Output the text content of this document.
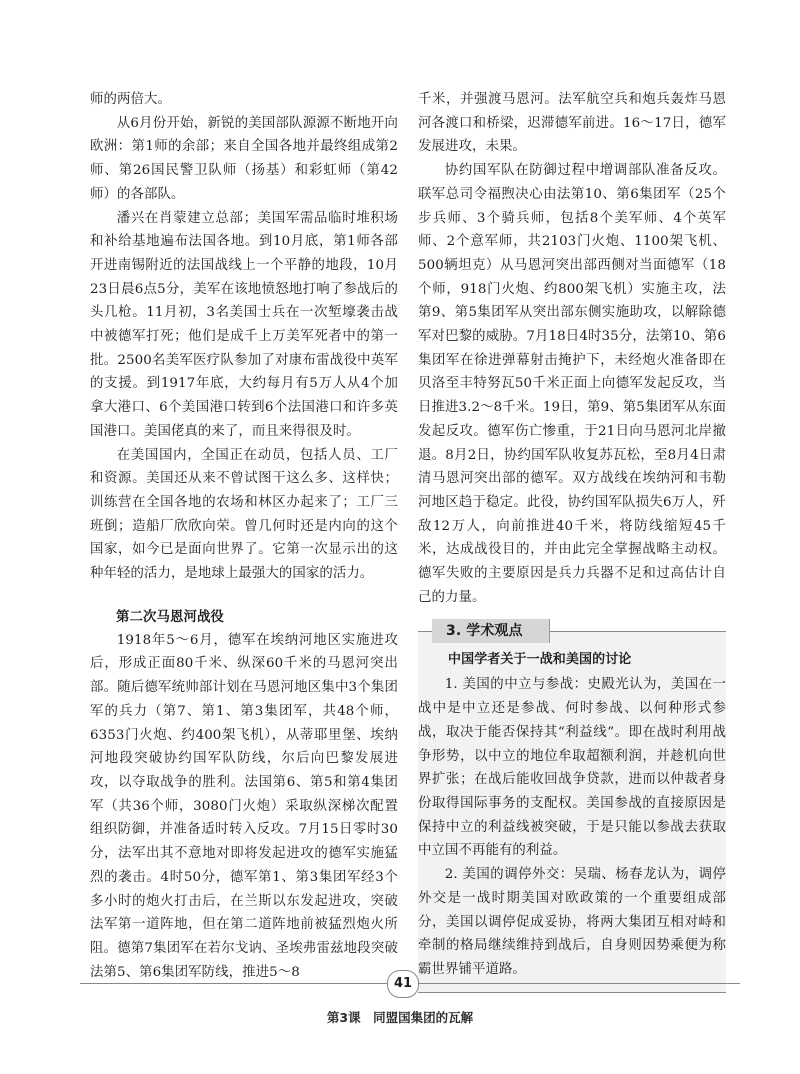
师的两倍大。

从6月份开始，新锐的美国部队源源不断地开向欧洲：第1师的余部；来自全国各地并最终组成第2师、第26国民警卫队师（扬基）和彩虹师（第42师）的各部队。

潘兴在肖蒙建立总部；美国军需品临时堆积场和补给基地遍布法国各地。到10月底，第1师各部开进南锡附近的法国战线上一个平静的地段，10月23日晨6点5分，美军在该地愤怒地打响了参战后的头几枪。11月初，3名美国士兵在一次堑壕袭击战中被德军打死；他们是成千上万美军死者中的第一批。2500名美军医疗队参加了对康布雷战役中英军的支援。到1917年底，大约每月有5万人从4个加拿大港口、6个美国港口转到6个法国港口和许多英国港口。美国佬真的来了，而且来得很及时。

在美国国内，全国正在动员，包括人员、工厂和资源。美国还从来不曾试图干这么多、这样快；训练营在全国各地的农场和林区办起来了；工厂三班倒；造船厂欣欣向荣。曾几何时还是内向的这个国家，如今已是面向世界了。它第一次显示出的这种年轻的活力，是地球上最强大的国家的活力。

第二次马恩河战役

1918年5～6月，德军在埃纳河地区实施进攻后，形成正面80千米、纵深60千米的马恩河突出部。随后德军统帅部计划在马恩河地区集中3个集团军的兵力（第7、第1、第3集团军，共48个师，6353门火炮、约400架飞机），从蒂耶里堡、埃纳河地段突破协约国军队防线，尔后向巴黎发展进攻，以夺取战争的胜利。法国第6、第5和第4集团军（共36个师，3080门火炮）采取纵深梯次配置组织防御，并准备适时转入反攻。7月15日零时30分，法军出其不意地对即将发起进攻的德军实施猛烈的袭击。4时50分，德军第1、第3集团军经3个多小时的炮火打击后，在兰斯以东发起进攻，突破法军第一道阵地，但在第二道阵地前被猛烈炮火所阻。德第7集团军在若尔戈讷、圣埃弗雷兹地段突破法第5、第6集团军防线，推进5～8

千米，并强渡马恩河。法军航空兵和炮兵轰炸马恩河各渡口和桥梁，迟滞德军前进。16～17日，德军发展进攻，未果。

协约国军队在防御过程中增调部队准备反攻。联军总司令福煦决心由法第10、第6集团军（25个步兵师、3个骑兵师，包括8个美军师、4个英军师、2个意军师，共2103门火炮、1100架飞机、500辆坦克）从马恩河突出部西侧对当面德军（18个师，918门火炮、约800架飞机）实施主攻，法第9、第5集团军从突出部东侧实施助攻，以解除德军对巴黎的威胁。7月18日4时35分，法第10、第6集团军在徐进弹幕射击掩护下，未经炮火准备即在贝洛至丰特努瓦50千米正面上向德军发起反攻，当日推进3.2～8千米。19日，第9、第5集团军从东面发起反攻。德军伤亡惨重，于21日向马恩河北岸撤退。8月2日，协约国军队收复苏瓦松，至8月4日肃清马恩河突出部的德军。双方战线在埃纳河和韦勒河地区趋于稳定。此役，协约国军队损失6万人，歼敌12万人，向前推进40千米，将防线缩短45千米，达成战役目的，并由此完全掌握战略主动权。德军失败的主要原因是兵力兵器不足和过高估计自己的力量。

3. 学术观点
中国学者关于一战和美国的讨论

1. 美国的中立与参战：史殿光认为，美国在一战中是中立还是参战、何时参战、以何种形式参战，取决于能否保持其“利益线”。即在战时利用战争形势，以中立的地位牟取超额利润，并趁机向世界扩张；在战后能收回战争贷款，进而以仲裁者身份取得国际事务的支配权。美国参战的直接原因是保持中立的利益线被突破，于是只能以参战去获取中立国不再能有的利益。

2. 美国的调停外交：吴瑞、杨春龙认为，调停外交是一战时期美国对欧政策的一个重要组成部分，美国以调停促成妥协，将两大集团互相对峙和牵制的格局继续维持到战后，自身则因势乘便为称霸世界铺平道路。

41
第3课　同盟国集团的瓦解
